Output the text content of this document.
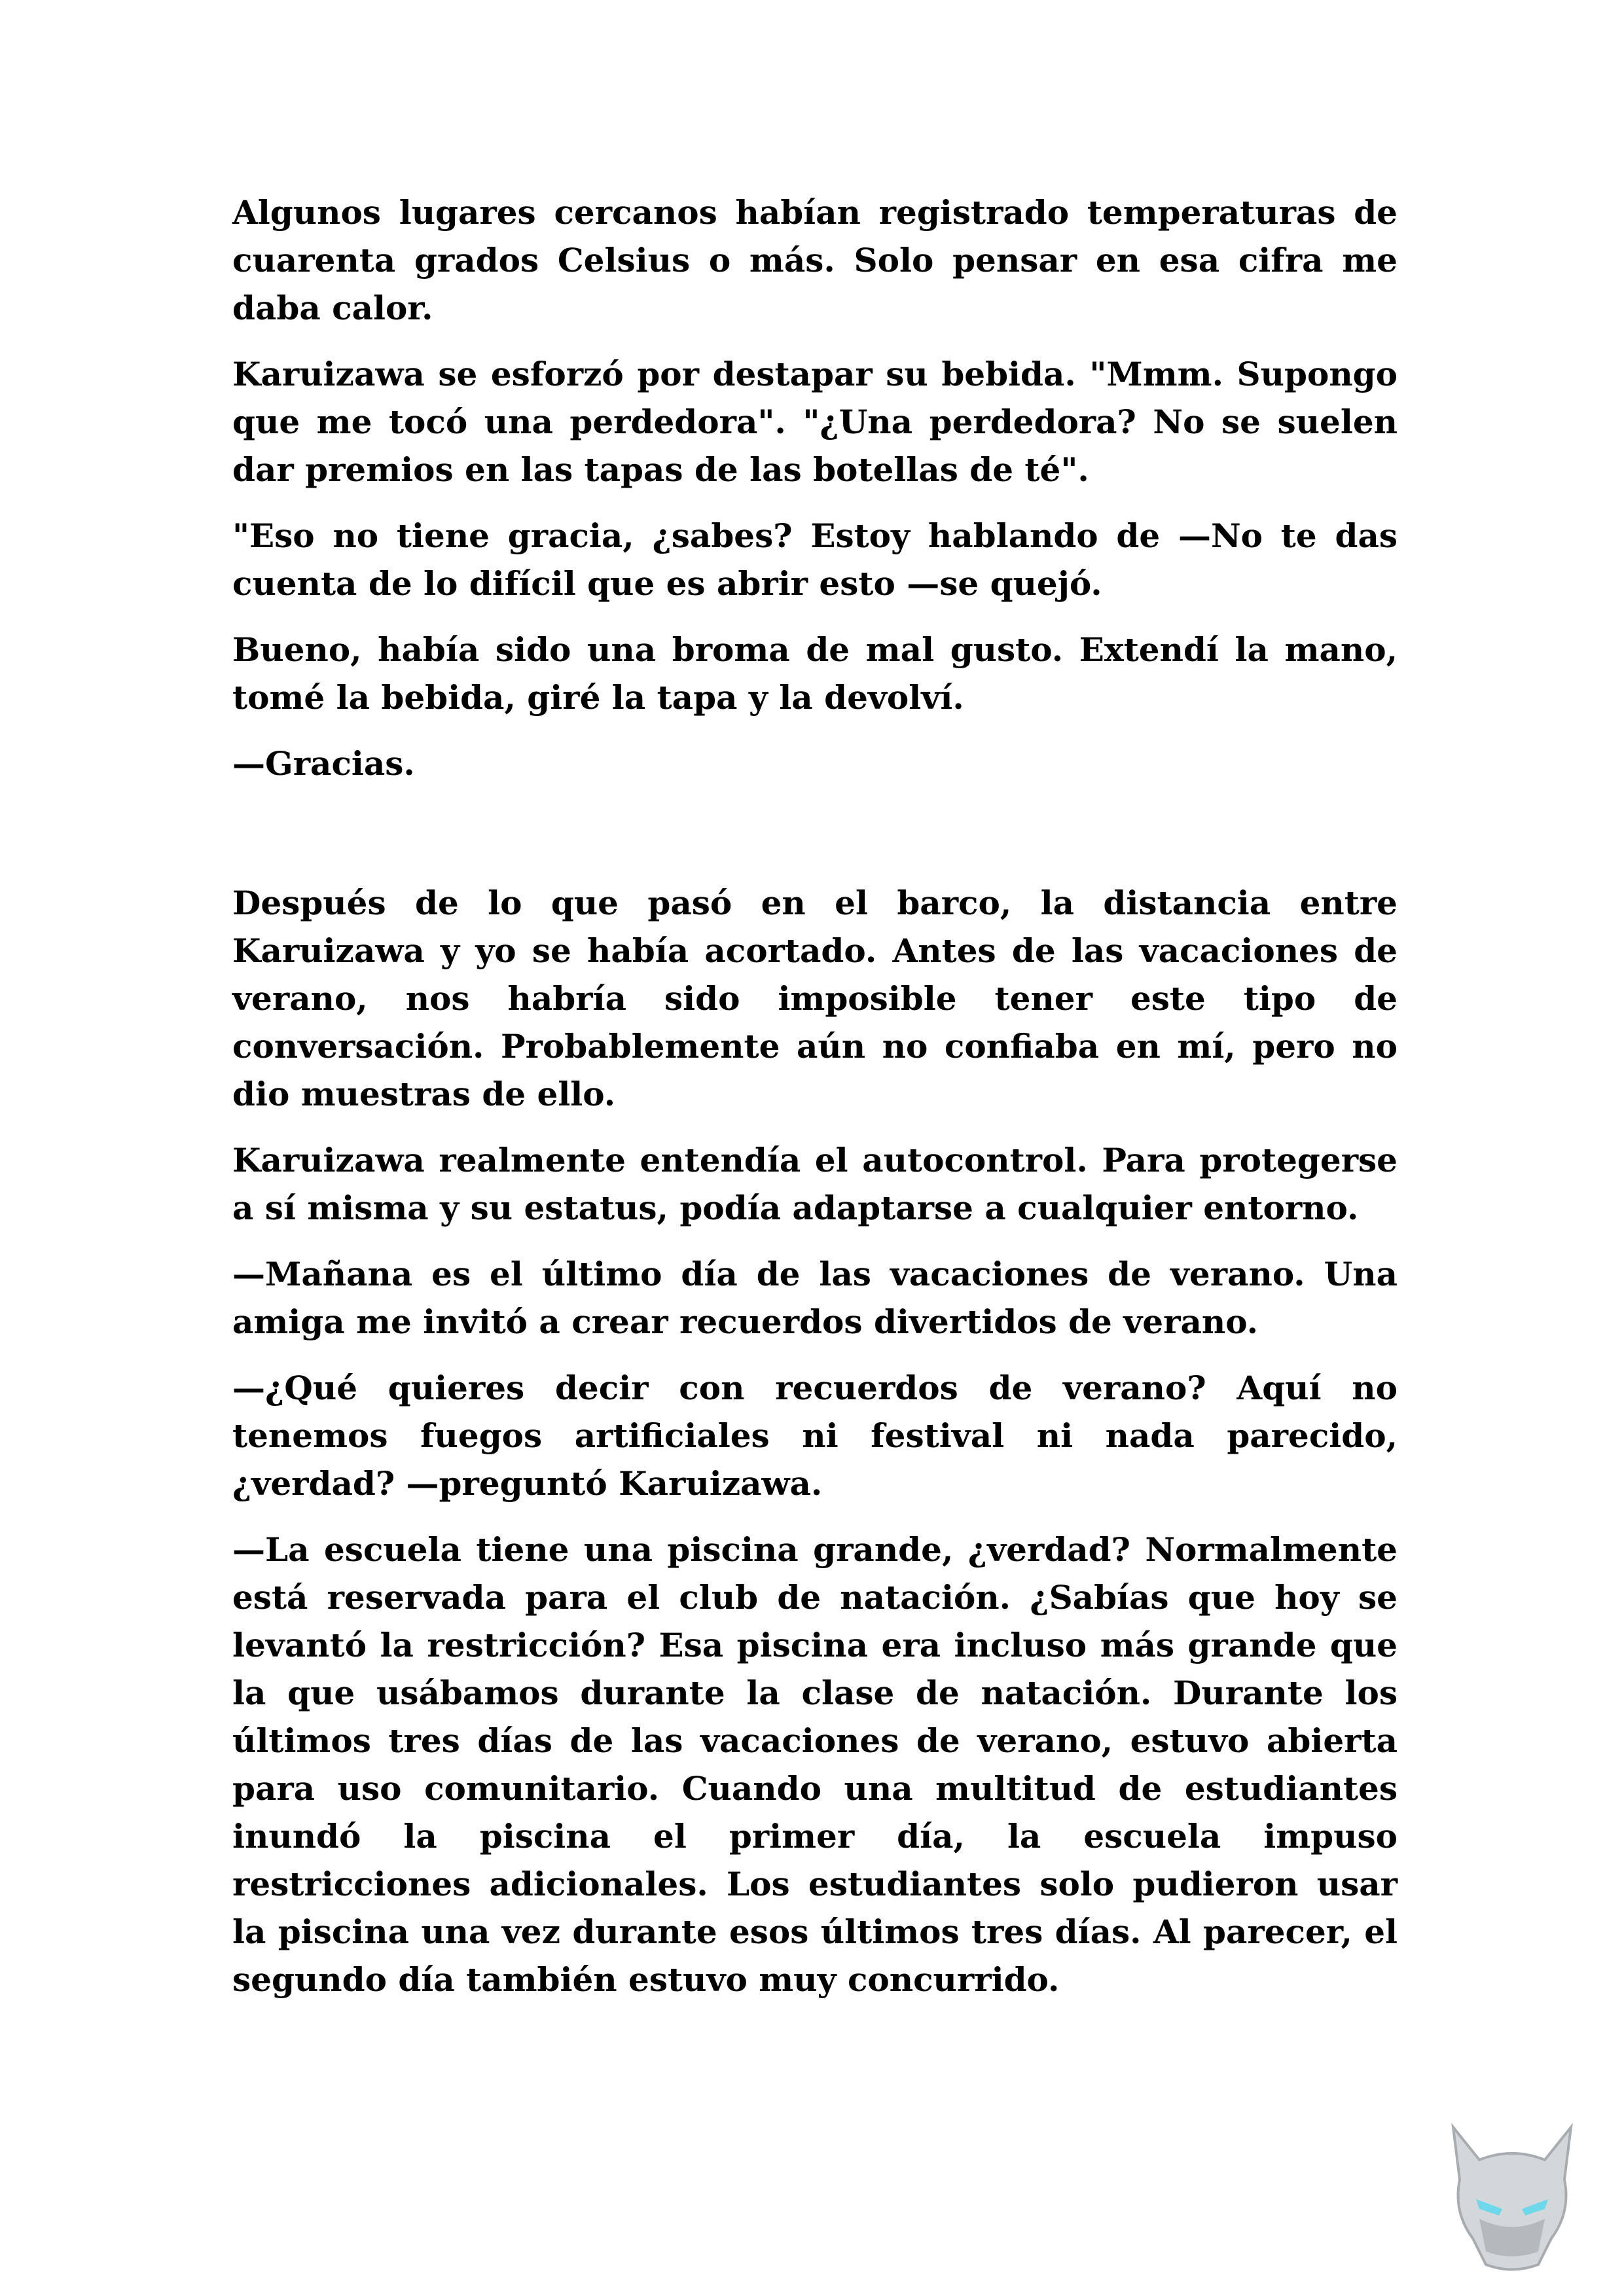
Algunos lugares cercanos habían registrado temperaturas de cuarenta grados Celsius o más. Solo pensar en esa cifra me daba calor.

Karuizawa se esforzó por destapar su bebida. "Mmm. Supongo que me tocó una perdedora". "¿Una perdedora? No se suelen dar premios en las tapas de las botellas de té".

"Eso no tiene gracia, ¿sabes? Estoy hablando de —No te das cuenta de lo difícil que es abrir esto —se quejó.

Bueno, había sido una broma de mal gusto. Extendí la mano, tomé la bebida, giré la tapa y la devolví.

—Gracias.

Después de lo que pasó en el barco, la distancia entre Karuizawa y yo se había acortado. Antes de las vacaciones de verano, nos habría sido imposible tener este tipo de conversación. Probablemente aún no confiaba en mí, pero no dio muestras de ello.

Karuizawa realmente entendía el autocontrol. Para protegerse a sí misma y su estatus, podía adaptarse a cualquier entorno.

—Mañana es el último día de las vacaciones de verano. Una amiga me invitó a crear recuerdos divertidos de verano.

—¿Qué quieres decir con recuerdos de verano? Aquí no tenemos fuegos artificiales ni festival ni nada parecido, ¿verdad? —preguntó Karuizawa.

—La escuela tiene una piscina grande, ¿verdad? Normalmente está reservada para el club de natación. ¿Sabías que hoy se levantó la restricción? Esa piscina era incluso más grande que la que usábamos durante la clase de natación. Durante los últimos tres días de las vacaciones de verano, estuvo abierta para uso comunitario. Cuando una multitud de estudiantes inundó la piscina el primer día, la escuela impuso restricciones adicionales. Los estudiantes solo pudieron usar la piscina una vez durante esos últimos tres días. Al parecer, el segundo día también estuvo muy concurrido.
